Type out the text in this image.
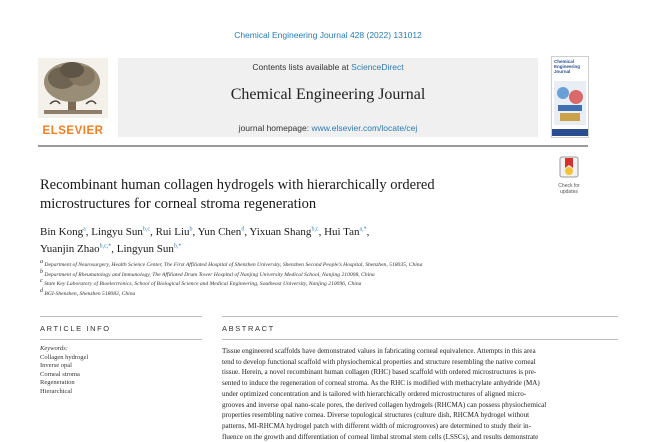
Chemical Engineering Journal 428 (2022) 131012
ELSEVIER
Contents lists available at ScienceDirect
Chemical Engineering Journal
journal homepage: www.elsevier.com/locate/cej
Chemical
Engineering
Journal
Check for
updates
Recombinant human collagen hydrogels with hierarchically ordered
microstructures for corneal stroma regeneration
Bin Kong$^a$, Lingyu Sun$^{b,c}$, Rui Liu$^b$, Yun Chen$^d$, Yixuan Shang$^{b,c}$, Hui Tan$^{a,*}$,
Yuanjin Zhao$^{b,c,*}$, Lingyun Sun$^{b,*}$
$^a$ Department of Neurosurgery, Health Science Center, The First Affiliated Hospital of Shenzhen University, Shenzhen Second People’s Hospital, Shenzhen, 518035, China
$^b$ Department of Rheumatology and Immunology, The Affiliated Drum Tower Hospital of Nanjing University Medical School, Nanjing 210008, China
$^c$ State Key Laboratory of Bioelectronics, School of Biological Science and Medical Engineering, Southeast University, Nanjing 210096, China
$^d$ BGI-Shenzhen, Shenzhen 518083, China
ARTICLE INFO
Keywords:
Collagen hydrogel
Inverse opal
Corneal stroma
Regeneration
Hierarchical
ABSTRACT
Tissue engineered scaffolds have demonstrated values in fabricating corneal equivalence. Attempts in this area
tend to develop functional scaffold with physiochemical properties and structure resembling the native corneal
tissue. Herein, a novel recombinant human collagen (RHC) based scaffold with ordered microstructures is pre-
sented to induce the regeneration of corneal stroma. As the RHC is modified with methacrylate anhydride (MA)
under optimized concentration and is tailored with hierarchically ordered microstructures of aligned micro-
grooves and inverse opal nano-scale pores, the derived collagen hydrogels (RHCMA) can possess physiochemical
properties resembling native cornea. Diverse topological structures (culture dish, RHCMA hydrogel without
patterns, MI-RHCMA hydrogel patch with different width of microgrooves) are determined to study their in-
fluence on the growth and differentiation of corneal limbal stromal stem cells (LSSCs), and results demonstrate
